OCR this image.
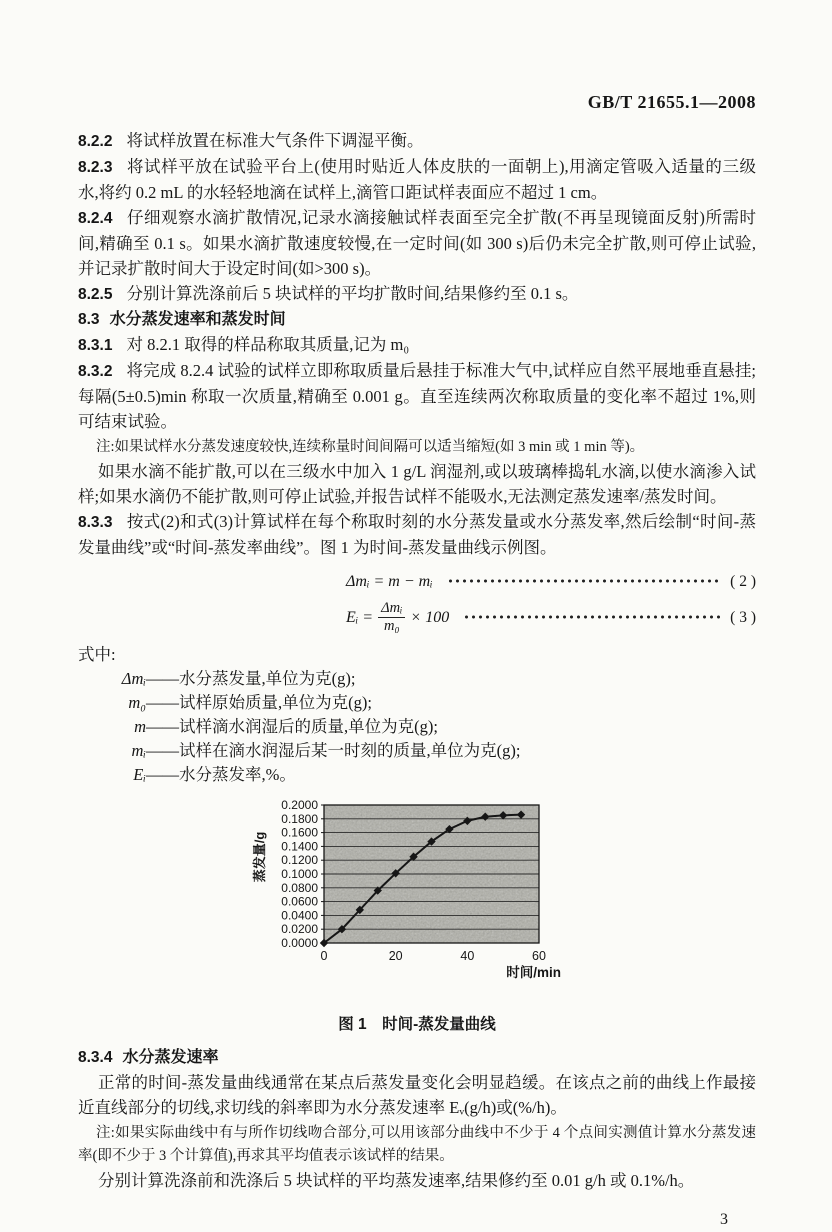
GB/T 21655.1—2008

8.2.2 将试样放置在标准大气条件下调湿平衡。

8.2.3 将试样平放在试验平台上(使用时贴近人体皮肤的一面朝上),用滴定管吸入适量的三级水,将约 0.2 mL 的水轻轻地滴在试样上,滴管口距试样表面应不超过 1 cm。

8.2.4 仔细观察水滴扩散情况,记录水滴接触试样表面至完全扩散(不再呈现镜面反射)所需时间,精确至 0.1 s。如果水滴扩散速度较慢,在一定时间(如 300 s)后仍未完全扩散,则可停止试验,并记录扩散时间大于设定时间(如>300 s)。

8.2.5 分别计算洗涤前后 5 块试样的平均扩散时间,结果修约至 0.1 s。

8.3 水分蒸发速率和蒸发时间

8.3.1 对 8.2.1 取得的样品称取其质量,记为 m₀

8.3.2 将完成 8.2.4 试验的试样立即称取质量后悬挂于标准大气中,试样应自然平展地垂直悬挂;每隔(5±0.5)min 称取一次质量,精确至 0.001 g。直至连续两次称取质量的变化率不超过 1%,则可结束试验。

注:如果试样水分蒸发速度较快,连续称量时间间隔可以适当缩短(如 3 min 或 1 min 等)。

如果水滴不能扩散,可以在三级水中加入 1 g/L 润湿剂,或以玻璃棒捣轧水滴,以使水滴渗入试样;如果水滴仍不能扩散,则可停止试验,并报告试样不能吸水,无法测定蒸发速率/蒸发时间。

8.3.3 按式(2)和式(3)计算试样在每个称取时刻的水分蒸发量或水分蒸发率,然后绘制“时间-蒸发量曲线”或“时间-蒸发率曲线”。图 1 为时间-蒸发量曲线示例图。

Δmᵢ = m − mᵢ	( 2 )
Eᵢ = $\frac{\text{Δmᵢ}}{\text{m₀}} \times 100$	( 3 )

式中:

Δmᵢ ——水分蒸发量,单位为克(g);
m₀ ——试样原始质量,单位为克(g);
m ——试样滴水润湿后的质量,单位为克(g);
mᵢ ——试样在滴水润湿后某一时刻的质量,单位为克(g);
Eᵢ ——水分蒸发率,%。
0.2000
0.1800
0.1600
0.1400
0.1200
0.1000
0.0800
0.0600
0.0400
0.0200
0.0000
0	20	40	60
蒸发量/g
时间/min

图 1　时间-蒸发量曲线

8.3.4 水分蒸发速率

正常的时间-蒸发量曲线通常在某点后蒸发量变化会明显趋缓。在该点之前的曲线上作最接近直线部分的切线,求切线的斜率即为水分蒸发速率 Eᵥ(g/h)或(%/h)。

注:如果实际曲线中有与所作切线吻合部分,可以用该部分曲线中不少于 4 个点间实测值计算水分蒸发速率(即不少于 3 个计算值),再求其平均值表示该试样的结果。

分别计算洗涤前和洗涤后 5 块试样的平均蒸发速率,结果修约至 0.01 g/h 或 0.1%/h。

3
